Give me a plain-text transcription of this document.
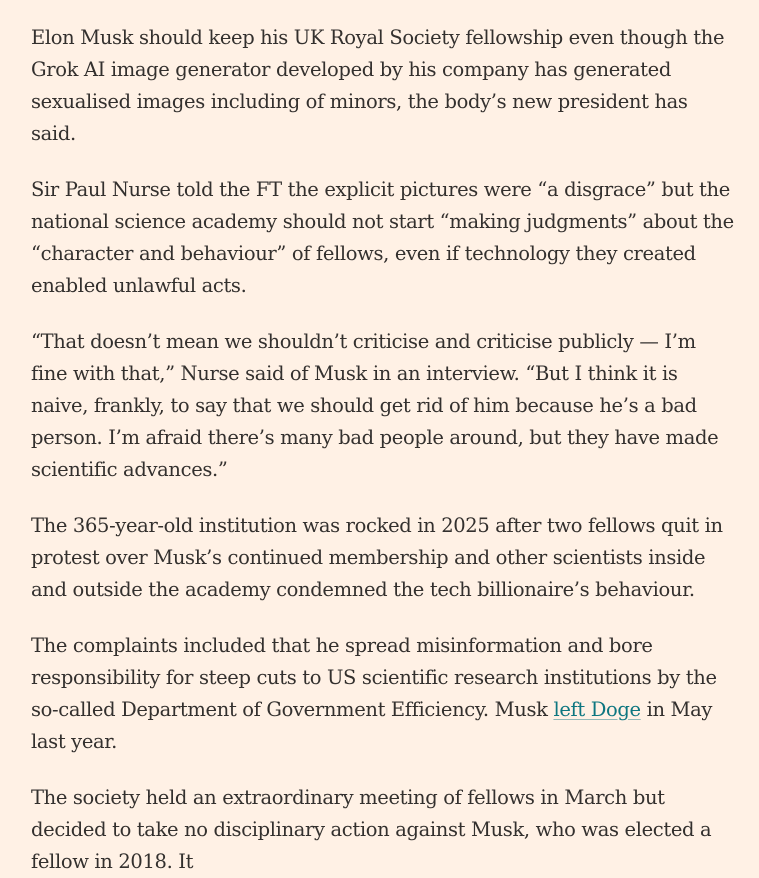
Elon Musk should keep his UK Royal Society fellowship even though the Grok AI image generator developed by his company has generated sexualised images including of minors, the body’s new president has said.

Sir Paul Nurse told the FT the explicit pictures were “a disgrace” but the national science academy should not start “making judgments” about the “character and behaviour” of fellows, even if technology they created enabled unlawful acts.

“That doesn’t mean we shouldn’t criticise and criticise publicly — I’m fine with that,” Nurse said of Musk in an interview. “But I think it is naive, frankly, to say that we should get rid of him because he’s a bad person. I’m afraid there’s many bad people around, but they have made scientific advances.”

The 365-year-old institution was rocked in 2025 after two fellows quit in protest over Musk’s continued membership and other scientists inside and outside the academy condemned the tech billionaire’s behaviour.

The complaints included that he spread misinformation and bore responsibility for steep cuts to US scientific research institutions by the so-called Department of Government Efficiency. Musk left Doge in May last year.

The society held an extraordinary meeting of fellows in March but decided to take no disciplinary action against Musk, who was elected a fellow in 2018. It
